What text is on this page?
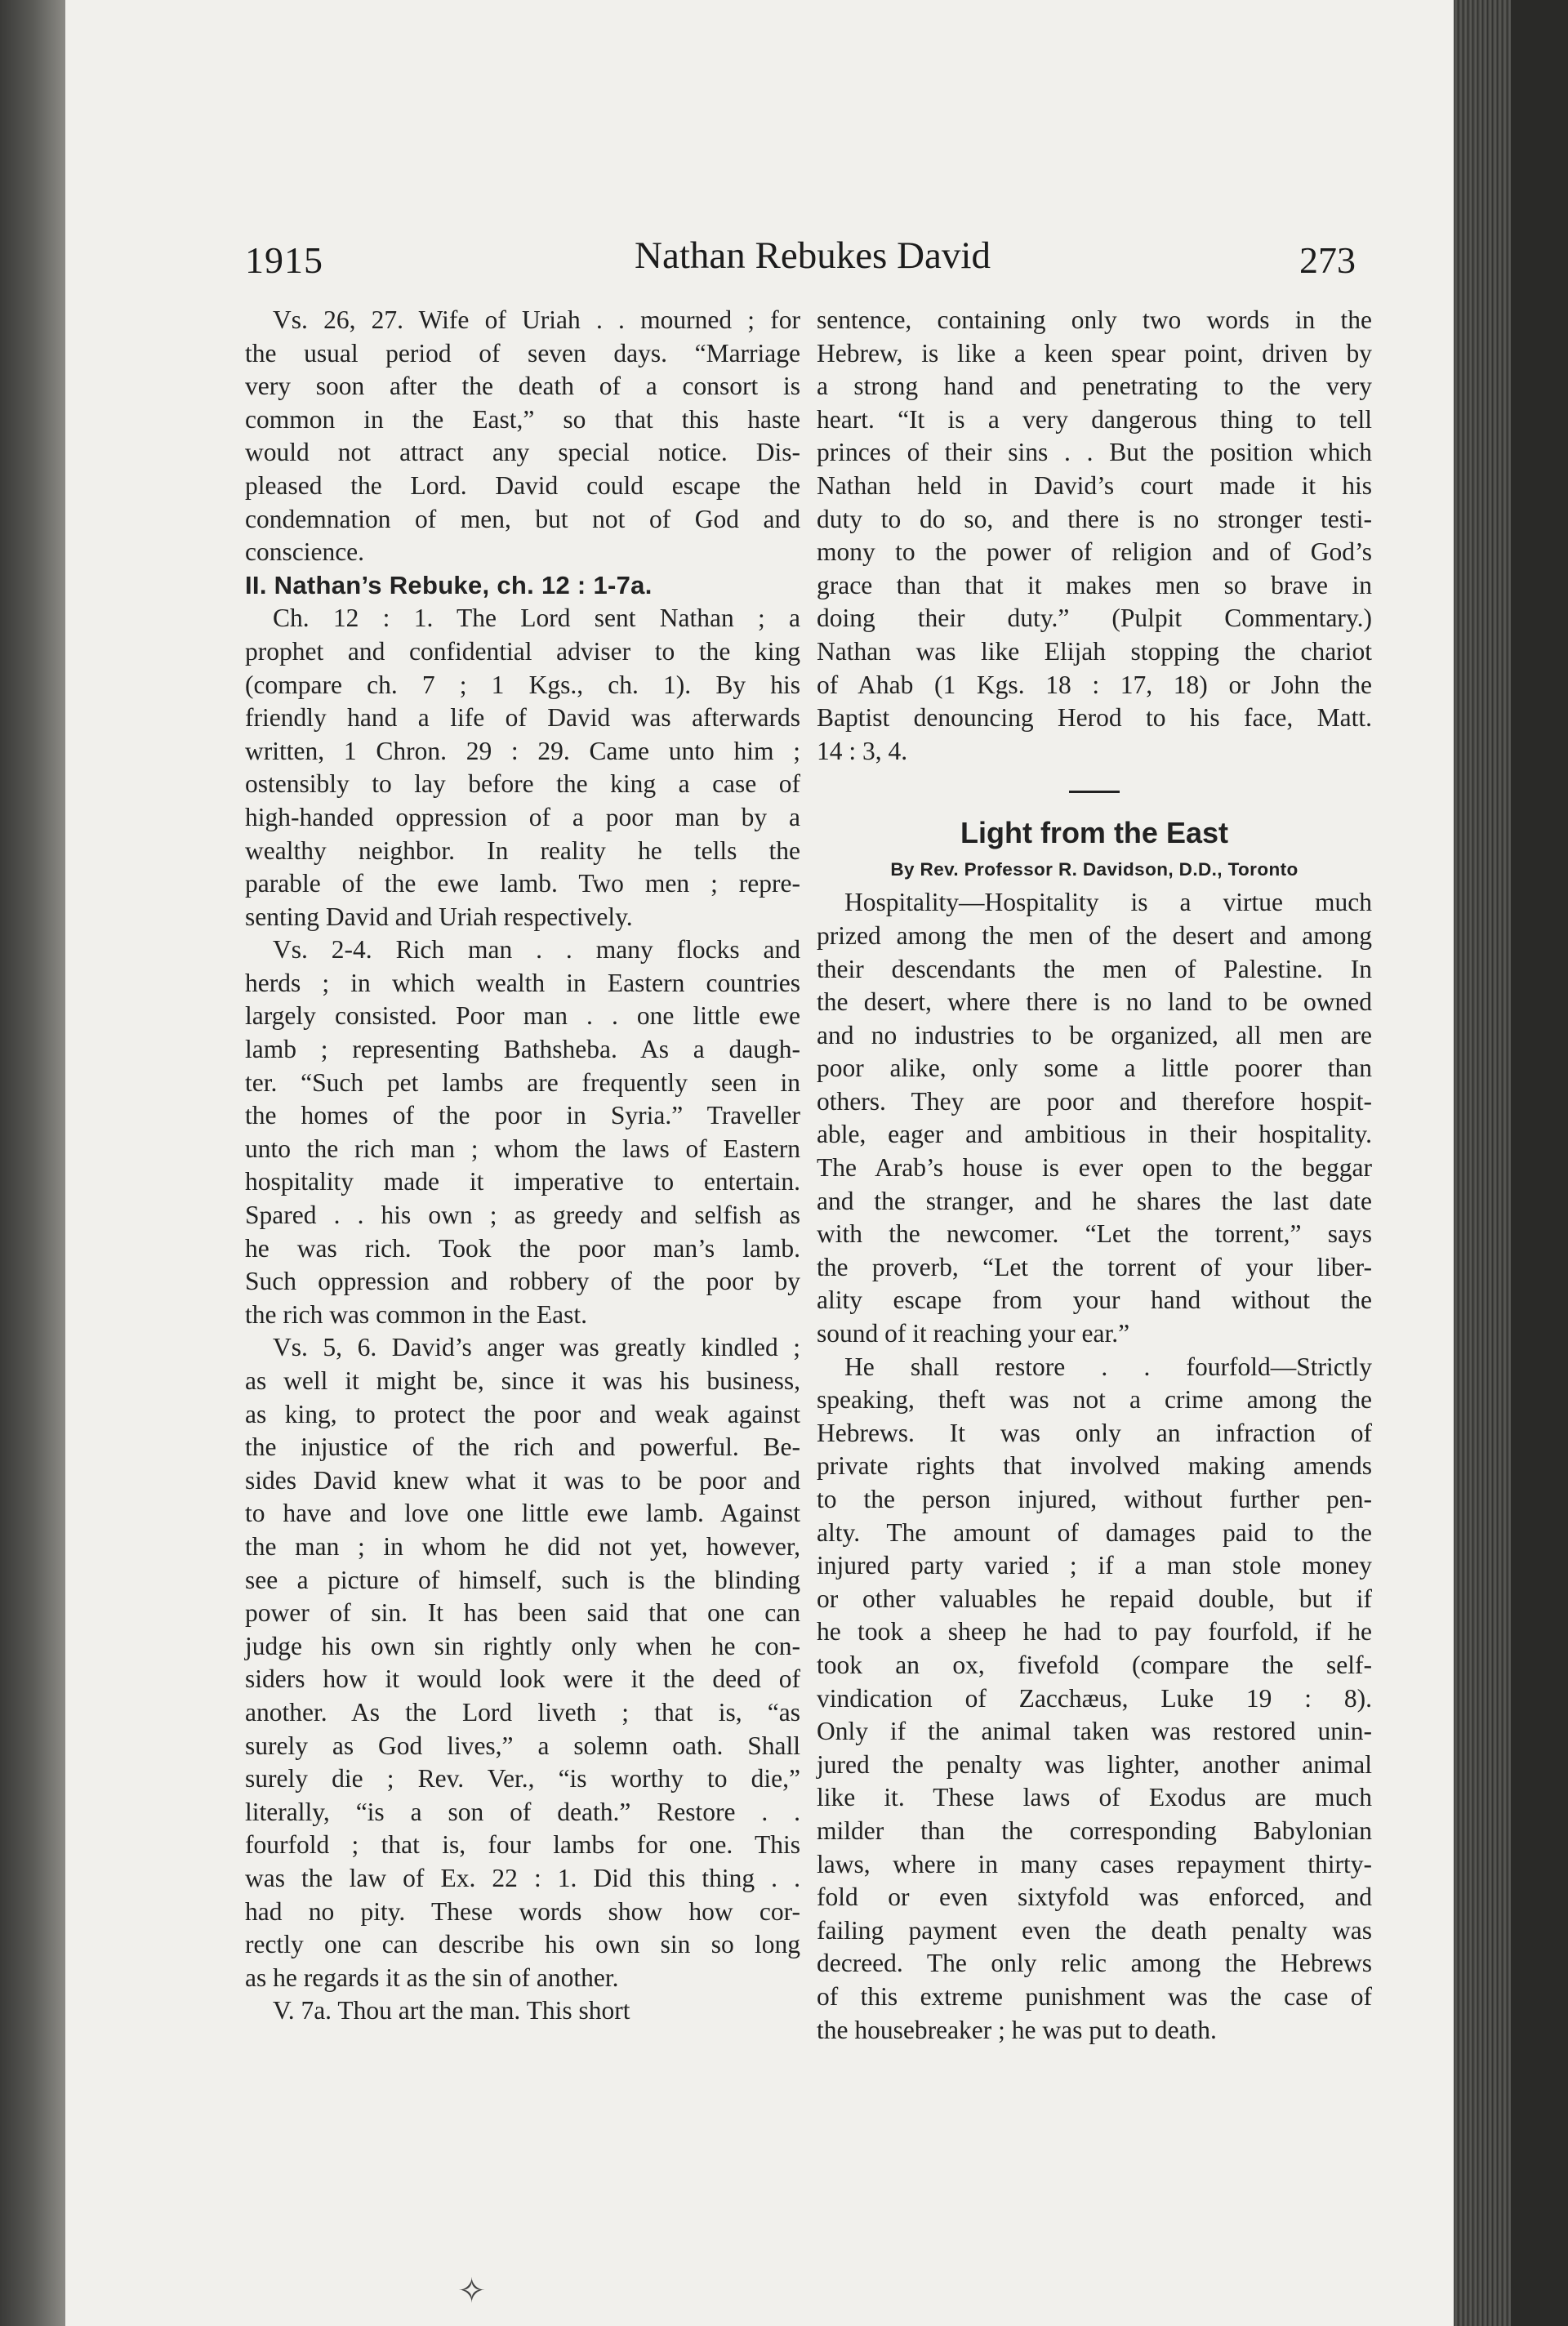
1915	Nathan Rebukes David	273
Vs. 26, 27. Wife of Uriah . . mourned ; for
the usual period of seven days. “Marriage
very soon after the death of a consort is
common in the East,” so that this haste
would not attract any special notice. Dis-
pleased the Lord. David could escape the
condemnation of men, but not of God and
conscience.
II. Nathan’s Rebuke, ch. 12 : 1-7a.
Ch. 12 : 1. The Lord sent Nathan ; a
prophet and confidential adviser to the king
(compare ch. 7 ; 1 Kgs., ch. 1). By his
friendly hand a life of David was afterwards
written, 1 Chron. 29 : 29. Came unto him ;
ostensibly to lay before the king a case of
high-handed oppression of a poor man by a
wealthy neighbor. In reality he tells the
parable of the ewe lamb. Two men ; repre-
senting David and Uriah respectively.
Vs. 2-4. Rich man . . many flocks and
herds ; in which wealth in Eastern countries
largely consisted. Poor man . . one little ewe
lamb ; representing Bathsheba. As a daugh-
ter. “Such pet lambs are frequently seen in
the homes of the poor in Syria.” Traveller
unto the rich man ; whom the laws of Eastern
hospitality made it imperative to entertain.
Spared . . his own ; as greedy and selfish as
he was rich. Took the poor man’s lamb.
Such oppression and robbery of the poor by
the rich was common in the East.
Vs. 5, 6. David’s anger was greatly kindled ;
as well it might be, since it was his business,
as king, to protect the poor and weak against
the injustice of the rich and powerful. Be-
sides David knew what it was to be poor and
to have and love one little ewe lamb. Against
the man ; in whom he did not yet, however,
see a picture of himself, such is the blinding
power of sin. It has been said that one can
judge his own sin rightly only when he con-
siders how it would look were it the deed of
another. As the Lord liveth ; that is, “as
surely as God lives,” a solemn oath. Shall
surely die ; Rev. Ver., “is worthy to die,”
literally, “is a son of death.” Restore . .
fourfold ; that is, four lambs for one. This
was the law of Ex. 22 : 1. Did this thing . .
had no pity. These words show how cor-
rectly one can describe his own sin so long
as he regards it as the sin of another.
V. 7a. Thou art the man. This short
sentence, containing only two words in the
Hebrew, is like a keen spear point, driven by
a strong hand and penetrating to the very
heart. “It is a very dangerous thing to tell
princes of their sins . . But the position which
Nathan held in David’s court made it his
duty to do so, and there is no stronger testi-
mony to the power of religion and of God’s
grace than that it makes men so brave in
doing their duty.” (Pulpit Commentary.)
Nathan was like Elijah stopping the chariot
of Ahab (1 Kgs. 18 : 17, 18) or John the
Baptist denouncing Herod to his face, Matt.
14 : 3, 4.
Light from the East
By Rev. Professor R. Davidson, D.D., Toronto
Hospitality—Hospitality is a virtue much
prized among the men of the desert and among
their descendants the men of Palestine. In
the desert, where there is no land to be owned
and no industries to be organized, all men are
poor alike, only some a little poorer than
others. They are poor and therefore hospit-
able, eager and ambitious in their hospitality.
The Arab’s house is ever open to the beggar
and the stranger, and he shares the last date
with the newcomer. “Let the torrent,” says
the proverb, “Let the torrent of your liber-
ality escape from your hand without the
sound of it reaching your ear.”
He shall restore . . fourfold—Strictly
speaking, theft was not a crime among the
Hebrews. It was only an infraction of
private rights that involved making amends
to the person injured, without further pen-
alty. The amount of damages paid to the
injured party varied ; if a man stole money
or other valuables he repaid double, but if
he took a sheep he had to pay fourfold, if he
took an ox, fivefold (compare the self-
vindication of Zacchæus, Luke 19 : 8).
Only if the animal taken was restored unin-
jured the penalty was lighter, another animal
like it. These laws of Exodus are much
milder than the corresponding Babylonian
laws, where in many cases repayment thirty-
fold or even sixtyfold was enforced, and
failing payment even the death penalty was
decreed. The only relic among the Hebrews
of this extreme punishment was the case of
the housebreaker ; he was put to death.
✧
